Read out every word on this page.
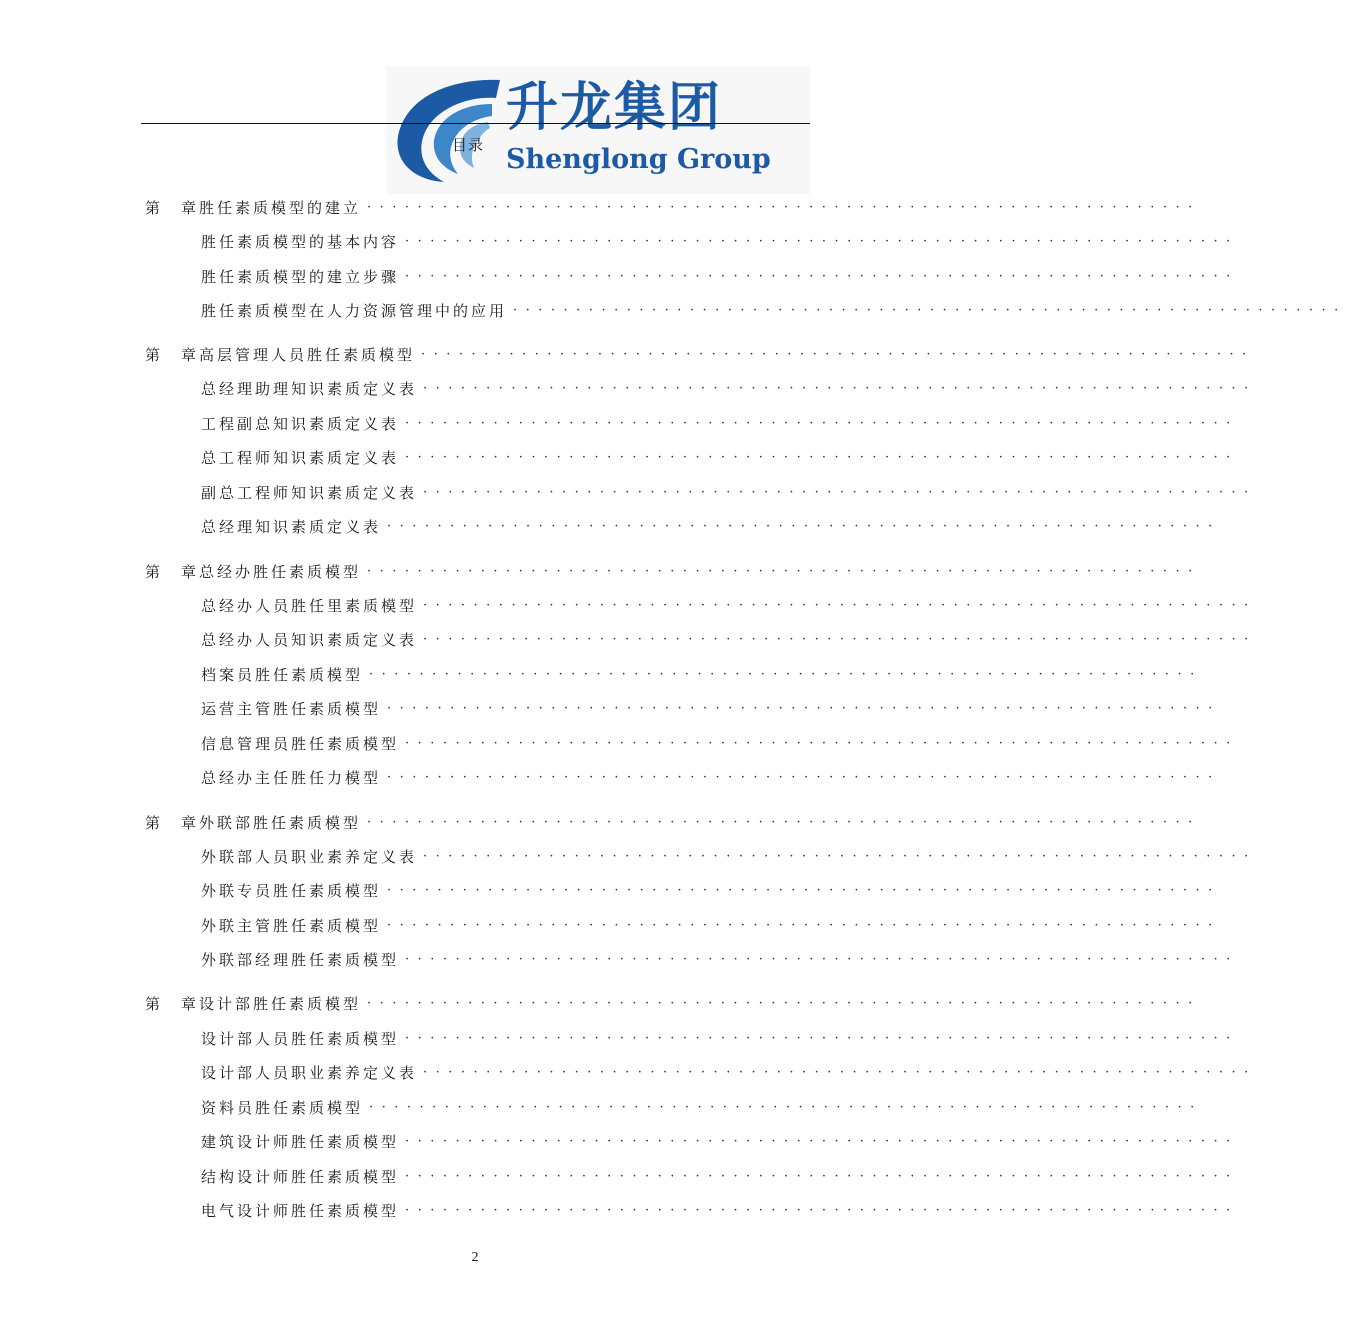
升龙集团
Shenglong Group
目录
第　章 胜任素质模型的建立 ··································································
胜任素质模型的基本内容 ··································································
胜任素质模型的建立步骤 ··································································
胜任素质模型在人力资源管理中的应用 ··································································
第　章 高层管理人员胜任素质模型 ··································································
总经理助理知识素质定义表 ··································································
工程副总知识素质定义表 ··································································
总工程师知识素质定义表 ··································································
副总工程师知识素质定义表 ··································································
总经理知识素质定义表 ··································································
第　章 总经办胜任素质模型 ··································································
总经办人员胜任里素质模型 ··································································
总经办人员知识素质定义表 ··································································
档案员胜任素质模型 ··································································
运营主管胜任素质模型 ··································································
信息管理员胜任素质模型 ··································································
总经办主任胜任力模型 ··································································
第　章 外联部胜任素质模型 ··································································
外联部人员职业素养定义表 ··································································
外联专员胜任素质模型 ··································································
外联主管胜任素质模型 ··································································
外联部经理胜任素质模型 ··································································
第　章 设计部胜任素质模型 ··································································
设计部人员胜任素质模型 ··································································
设计部人员职业素养定义表 ··································································
资料员胜任素质模型 ··································································
建筑设计师胜任素质模型 ··································································
结构设计师胜任素质模型 ··································································
电气设计师胜任素质模型 ··································································
2
